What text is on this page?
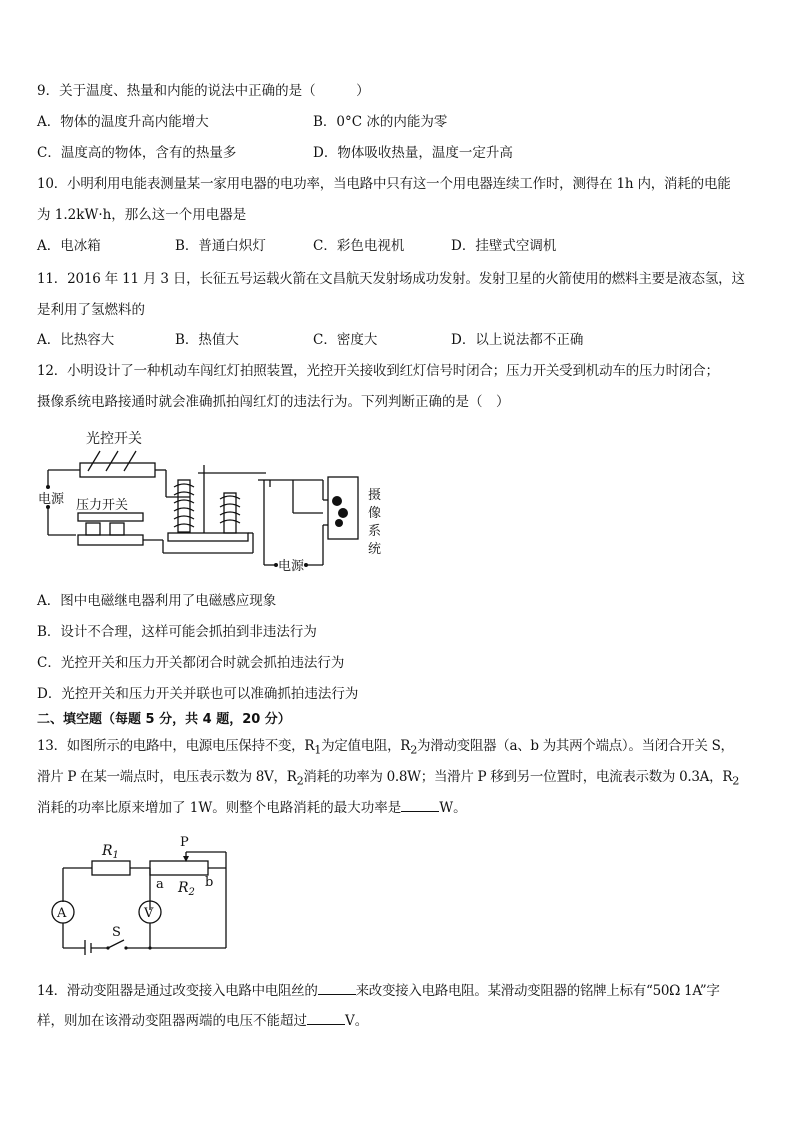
9．关于温度、热量和内能的说法中正确的是（　　　）
A．物体的温度升高内能增大	B．0°C 冰的内能为零
C．温度高的物体，含有的热量多	D．物体吸收热量，温度一定升高
10．小明利用电能表测量某一家用电器的电功率，当电路中只有这一个用电器连续工作时，测得在 1h 内，消耗的电能
为 1.2kW·h，那么这一个用电器是
A．电冰箱	B．普通白炽灯	C．彩色电视机	D．挂壁式空调机
11．2016 年 11 月 3 日，长征五号运载火箭在文昌航天发射场成功发射。发射卫星的火箭使用的燃料主要是液态氢，这
是利用了氢燃料的
A．比热容大	B．热值大	C．密度大	D．以上说法都不正确
12．小明设计了一种机动车闯红灯拍照装置，光控开关接收到红灯信号时闭合；压力开关受到机动车的压力时闭合；
摄像系统电路接通时就会准确抓拍闯红灯的违法行为。下列判断正确的是（　）
光控开关
电源 压力开关
电源
摄
像
系
统
A．图中电磁继电器利用了电磁感应现象
B．设计不合理，这样可能会抓拍到非违法行为
C．光控开关和压力开关都闭合时就会抓拍违法行为
D．光控开关和压力开关并联也可以准确抓拍违法行为
二、填空题（每题 5 分，共 4 题，20 分）
13．如图所示的电路中，电源电压保持不变，$R_1$为定值电阻，$R_2$为滑动变阻器（a、b 为其两个端点）。当闭合开关 S，
滑片 P 在某一端点时，电压表示数为 8V，$R_2$消耗的功率为 0.8W；当滑片 P 移到另一位置时，电流表示数为 0.3A，$R_2$
消耗的功率比原来增加了 1W。则整个电路消耗的最大功率是	W。
$R_1$
P
a	b
$R_2$
A	V
S
14．滑动变阻器是通过改变接入电路中电阻丝的	来改变接入电路电阻。某滑动变阻器的铭牌上标有“50Ω 1A”字
样，则加在该滑动变阻器两端的电压不能超过	V。
